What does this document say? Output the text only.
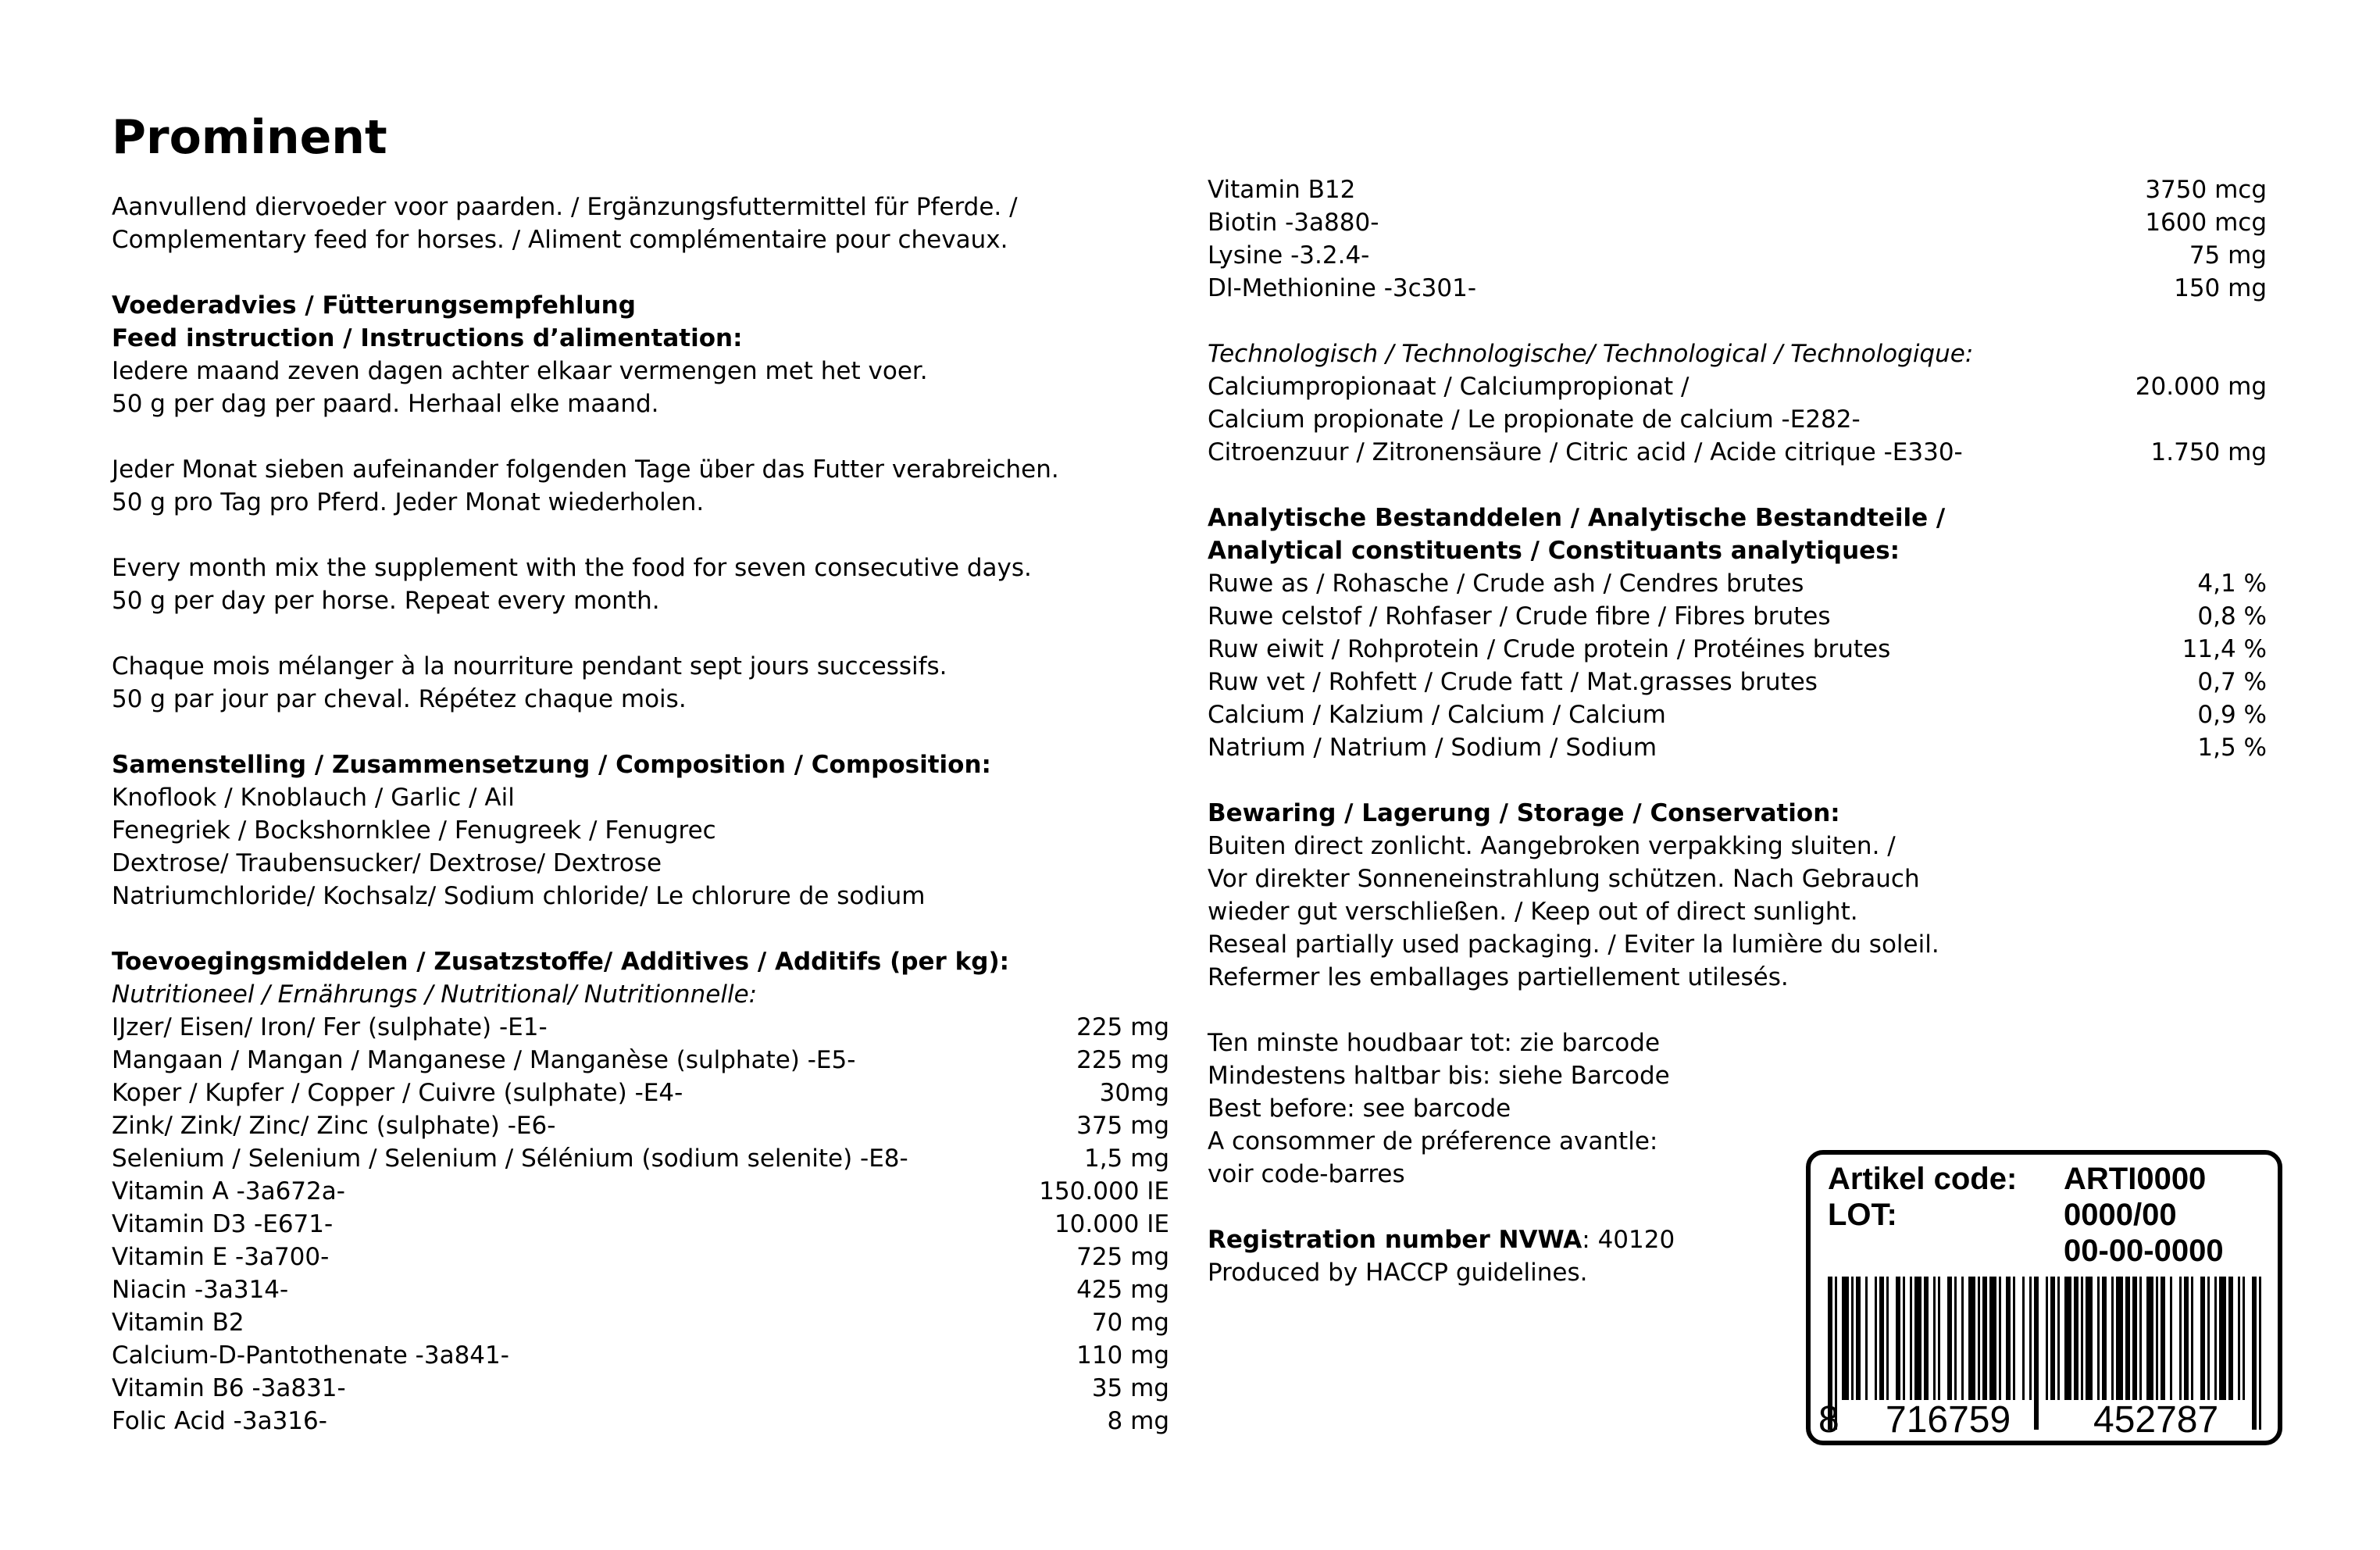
Prominent
Aanvullend diervoeder voor paarden. / Ergänzungsfuttermittel für Pferde. /
Complementary feed for horses. / Aliment complémentaire pour chevaux.
Voederadvies / Fütterungsempfehlung
Feed instruction / Instructions d’alimentation:
Iedere maand zeven dagen achter elkaar vermengen met het voer.
50 g per dag per paard. Herhaal elke maand.
Jeder Monat sieben aufeinander folgenden Tage über das Futter verabreichen.
50 g pro Tag pro Pferd. Jeder Monat wiederholen.
Every month mix the supplement with the food for seven consecutive days.
50 g per day per horse. Repeat every month.
Chaque mois mélanger à la nourriture pendant sept jours successifs.
50 g par jour par cheval. Répétez chaque mois.
Samenstelling / Zusammensetzung / Composition / Composition:
Knoflook / Knoblauch / Garlic / Ail
Fenegriek / Bockshornklee / Fenugreek / Fenugrec
Dextrose/ Traubensucker/ Dextrose/ Dextrose
Natriumchloride/ Kochsalz/ Sodium chloride/ Le chlorure de sodium
Toevoegingsmiddelen / Zusatzstoffe/ Additives / Additifs (per kg):
Nutritioneel / Ernährungs / Nutritional/ Nutritionnelle:
IJzer/ Eisen/ Iron/ Fer (sulphate) -E1-	225 mg
Mangaan / Mangan / Manganese / Manganèse (sulphate) -E5-	225 mg
Koper / Kupfer / Copper / Cuivre (sulphate) -E4-	30mg
Zink/ Zink/ Zinc/ Zinc (sulphate) -E6-	375 mg
Selenium / Selenium / Selenium / Sélénium (sodium selenite) -E8-	1,5 mg
Vitamin A -3a672a-	150.000 IE
Vitamin D3 -E671-	10.000 IE
Vitamin E -3a700-	725 mg
Niacin -3a314-	425 mg
Vitamin B2	70 mg
Calcium-D-Pantothenate -3a841-	110 mg
Vitamin B6 -3a831-	35 mg
Folic Acid -3a316-	8 mg
Vitamin B12	3750 mcg
Biotin -3a880-	1600 mcg
Lysine -3.2.4-	75 mg
Dl-Methionine -3c301-	150 mg
Technologisch / Technologische/ Technological / Technologique:
Calciumpropionaat / Calciumpropionat /	20.000 mg
Calcium propionate / Le propionate de calcium -E282-
Citroenzuur / Zitronensäure / Citric acid / Acide citrique -E330-	1.750 mg
Analytische Bestanddelen / Analytische Bestandteile /
Analytical constituents / Constituants analytiques:
Ruwe as / Rohasche / Crude ash / Cendres brutes	4,1 %
Ruwe celstof / Rohfaser / Crude fibre / Fibres brutes	0,8 %
Ruw eiwit / Rohprotein / Crude protein / Protéines brutes	11,4 %
Ruw vet / Rohfett / Crude fatt / Mat.grasses brutes	0,7 %
Calcium / Kalzium / Calcium / Calcium	0,9 %
Natrium / Natrium / Sodium / Sodium	1,5 %
Bewaring / Lagerung / Storage / Conservation:
Buiten direct zonlicht. Aangebroken verpakking sluiten. /
Vor direkter Sonneneinstrahlung schützen. Nach Gebrauch
wieder gut verschließen. / Keep out of direct sunlight.
Reseal partially used packaging. / Eviter la lumière du soleil.
Refermer les emballages partiellement utilesés.
Ten minste houdbaar tot: zie barcode
Mindestens haltbar bis: siehe Barcode
Best before: see barcode
A consommer de préference avantle:
voir code-barres
Registration number NVWA: 40120
Produced by HACCP guidelines.
Artikel code: ARTI0000
LOT:	0000/00
00-00-0000
8 716759 452787
